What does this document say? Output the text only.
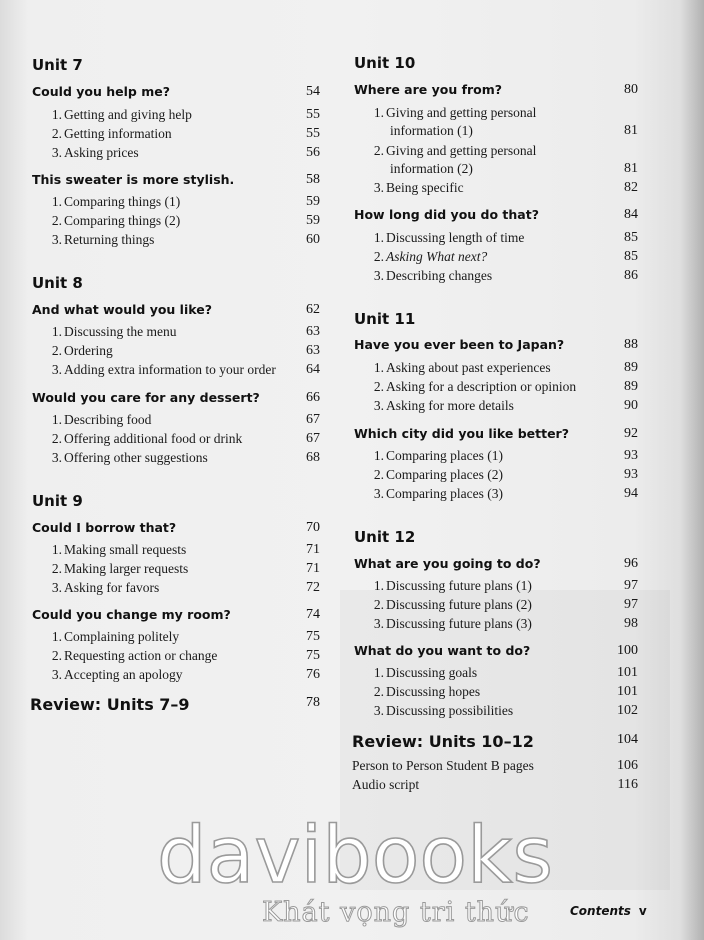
Unit 7
Could you help me?	54
1. Getting and giving help	55
2. Getting information	55
3. Asking prices	56
This sweater is more stylish.	58
1. Comparing things (1)	59
2. Comparing things (2)	59
3. Returning things	60
Unit 8
And what would you like?	62
1. Discussing the menu	63
2. Ordering	63
3. Adding extra information to your order 64
Would you care for any dessert?	66
1. Describing food	67
2. Offering additional food or drink	67
3. Offering other suggestions	68
Unit 9
Could I borrow that?	70
1. Making small requests	71
2. Making larger requests	71
3. Asking for favors	72
Could you change my room?	74
1. Complaining politely	75
2. Requesting action or change	75
3. Accepting an apology	76
Review: Units 7–9	78
Unit 10
Where are you from?	80
1. Giving and getting personal
information (1)	81
2. Giving and getting personal
information (2)	81
3. Being specific	82
How long did you do that?	84
1. Discussing length of time	85
2. Asking What next?	85
3. Describing changes	86
Unit 11
Have you ever been to Japan?	88
1. Asking about past experiences	89
2. Asking for a description or opinion	89
3. Asking for more details	90
Which city did you like better?	92
1. Comparing places (1)	93
2. Comparing places (2)	93
3. Comparing places (3)	94
Unit 12
What are you going to do?	96
1. Discussing future plans (1)	97
2. Discussing future plans (2)	97
3. Discussing future plans (3)	98
What do you want to do?	100
1. Discussing goals	101
2. Discussing hopes	101
3. Discussing possibilities	102
Review: Units 10–12	104
Person to Person Student B pages	106
Audio script	116
davibooks
Khát vọng tri thức	Contents v
